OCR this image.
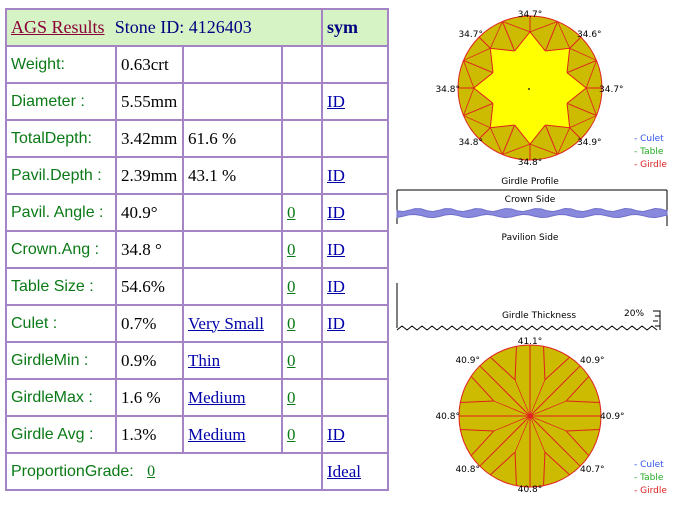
AGS Results Stone ID: 4126403				sym
Weight:	0.63crt			
Diameter :	5.55mm			ID
TotalDepth:	3.42mm	61.6 %		
Pavil.Depth :	2.39mm	43.1 %		ID
Pavil. Angle :	40.9°		0	ID
Crown.Ang :	34.8 °		0	ID
Table Size :	54.6%		0	ID
Culet :	0.7%	Very Small	0	ID
GirdleMin :	0.9%	Thin	0	
GirdleMax :	1.6 %	Medium	0	
Girdle Avg :	1.3%	Medium	0	ID
ProportionGrade: 0				Ideal
34.7°
34.6°
34.7°
34.9°
34.8°
34.8°
34.8°
34.7°
41.1°
40.9°
40.9°
40.7°
40.8°
40.8°
40.8°
40.9°
- Culet
- Table
- Girdle
- Culet
- Table
- Girdle
Girdle Profile
Crown Side
Pavilion Side
Girdle Thickness	20%
